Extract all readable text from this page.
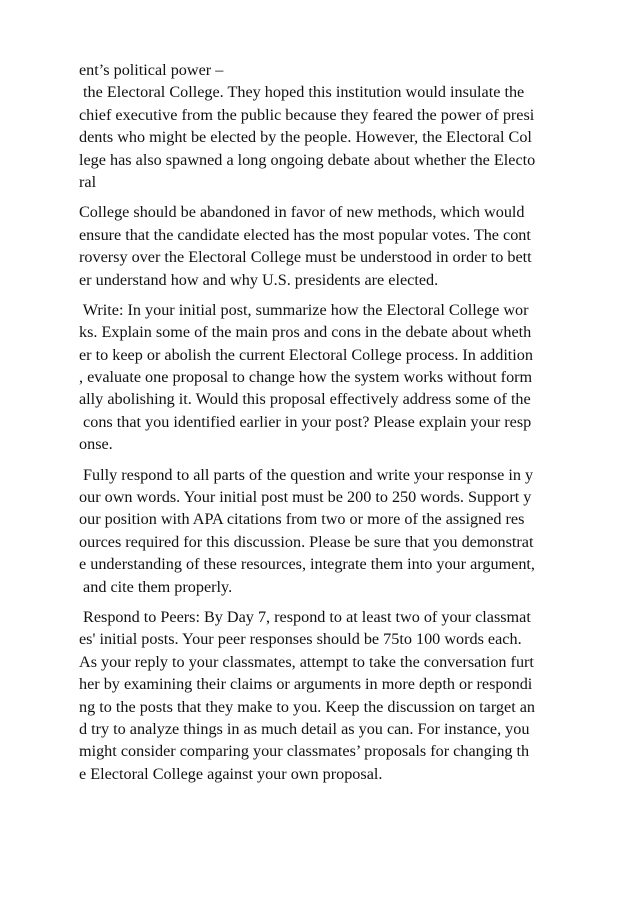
ent’s political power –
the Electoral College. They hoped this institution would insulate the
chief executive from the public because they feared the power of presi
dents who might be elected by the people. However, the Electoral Col
lege has also spawned a long ongoing debate about whether the Electo
ral

College should be abandoned in favor of new methods, which would
ensure that the candidate elected has the most popular votes. The cont
roversy over the Electoral College must be understood in order to bett
er understand how and why U.S. presidents are elected.

Write: In your initial post, summarize how the Electoral College wor
ks. Explain some of the main pros and cons in the debate about wheth
er to keep or abolish the current Electoral College process. In addition
, evaluate one proposal to change how the system works without form
ally abolishing it. Would this proposal effectively address some of the
cons that you identified earlier in your post? Please explain your resp
onse.

Fully respond to all parts of the question and write your response in y
our own words. Your initial post must be 200 to 250 words. Support y
our position with APA citations from two or more of the assigned res
ources required for this discussion. Please be sure that you demonstrat
e understanding of these resources, integrate them into your argument,
and cite them properly.

Respond to Peers: By Day 7, respond to at least two of your classmat
es' initial posts. Your peer responses should be 75to 100 words each.
As your reply to your classmates, attempt to take the conversation furt
her by examining their claims or arguments in more depth or respondi
ng to the posts that they make to you. Keep the discussion on target an
d try to analyze things in as much detail as you can. For instance, you
might consider comparing your classmates’ proposals for changing th
e Electoral College against your own proposal.
